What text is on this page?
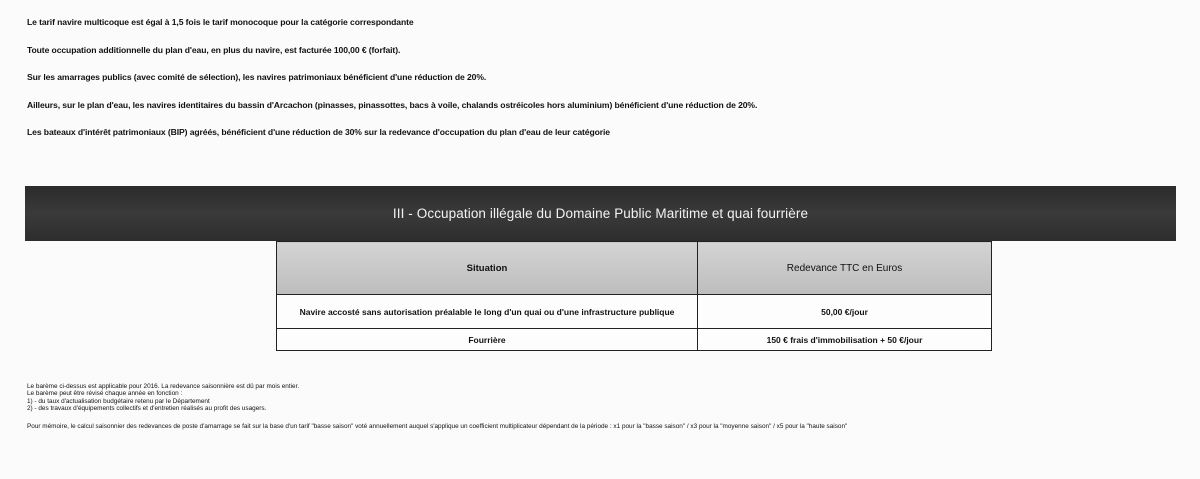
Le tarif navire multicoque est égal à 1,5 fois le tarif monocoque pour la catégorie correspondante

Toute occupation additionnelle du plan d'eau, en plus du navire, est facturée 100,00 € (forfait).

Sur les amarrages publics (avec comité de sélection), les navires patrimoniaux bénéficient d'une réduction de 20%.

Ailleurs, sur le plan d'eau, les navires identitaires du bassin d'Arcachon (pinasses, pinassottes, bacs à voile, chalands ostréicoles hors aluminium) bénéficient d'une réduction de 20%.

Les bateaux d'intérêt patrimoniaux (BIP) agréés, bénéficient d'une réduction de 30% sur la redevance d'occupation du plan d'eau de leur catégorie

III - Occupation illégale du Domaine Public Maritime et quai fourrière
Situation	Redevance TTC en Euros
Navire accosté sans autorisation préalable le long d'un quai ou d'une infrastructure publique	50,00 €/jour
Fourrière	150 € frais d'immobilisation + 50 €/jour

Le barème ci-dessus est applicable pour 2016. La redevance saisonnière est dû par mois entier.

Le barème peut être révisé chaque année en fonction :

1) - du taux d'actualisation budgétaire retenu par le Département

2) - des travaux d'équipements collectifs et d'entretien réalisés au profit des usagers.

Pour mémoire, le calcul saisonnier des redevances de poste d'amarrage se fait sur la base d'un tarif "basse saison" voté annuellement auquel s'applique un coefficient multiplicateur dépendant de la période : x1 pour la "basse saison" / x3 pour la "moyenne saison" / x5 pour la "haute saison"
